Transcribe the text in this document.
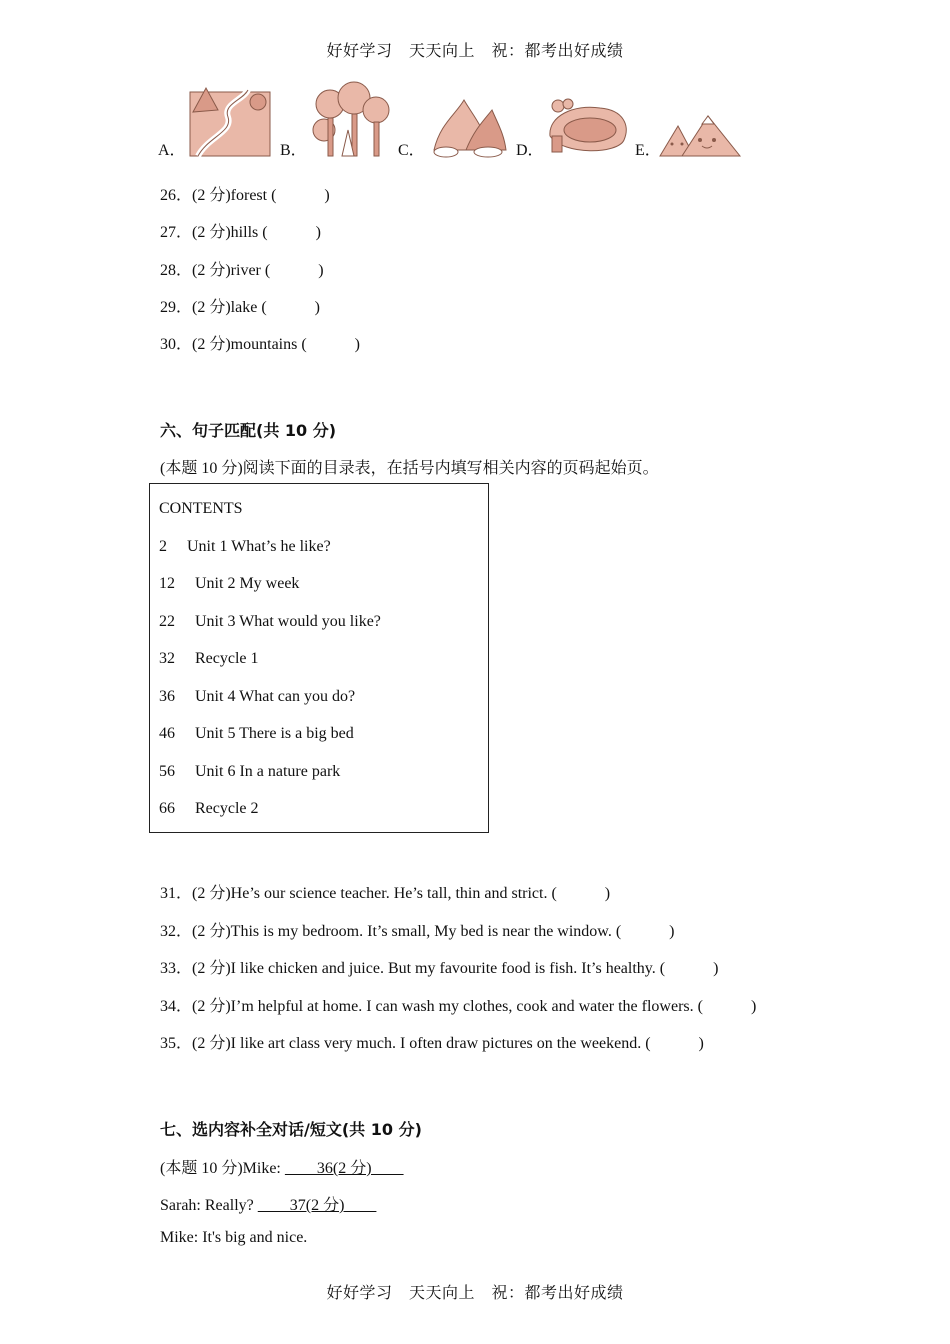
好好学习　天天向上　祝：都考出好成绩
A．	B．	C．	D．	E．
26．(2 分)forest (　　　)
27．(2 分)hills (　　　)
28．(2 分)river (　　　)
29．(2 分)lake (　　　)
30．(2 分)mountains (　　　)
六、句子匹配(共 10 分)
(本题 10 分)阅读下面的目录表，在括号内填写相关内容的页码起始页。
CONTENTS
2 Unit 1 What’s he like?
12 Unit 2 My week
22 Unit 3 What would you like?
32 Recycle 1
36 Unit 4 What can you do?
46 Unit 5 There is a big bed
56 Unit 6 In a nature park
66 Recycle 2
31．(2 分)He’s our science teacher. He’s tall, thin and strict. (　　　)
32．(2 分)This is my bedroom. It’s small, My bed is near the window. (　　　)
33．(2 分)I like chicken and juice. But my favourite food is fish. It’s healthy. (　　　)
34．(2 分)I’m helpful at home. I can wash my clothes, cook and water the flowers. (　　　)
35．(2 分)I like art class very much. I often draw pictures on the weekend. (　　　)
七、选内容补全对话/短文(共 10 分)
(本题 10 分)Mike: 　　36(2 分)　　
Sarah: Really? 　　37(2 分)　　
Mike: It's big and nice.
好好学习　天天向上　祝：都考出好成绩
